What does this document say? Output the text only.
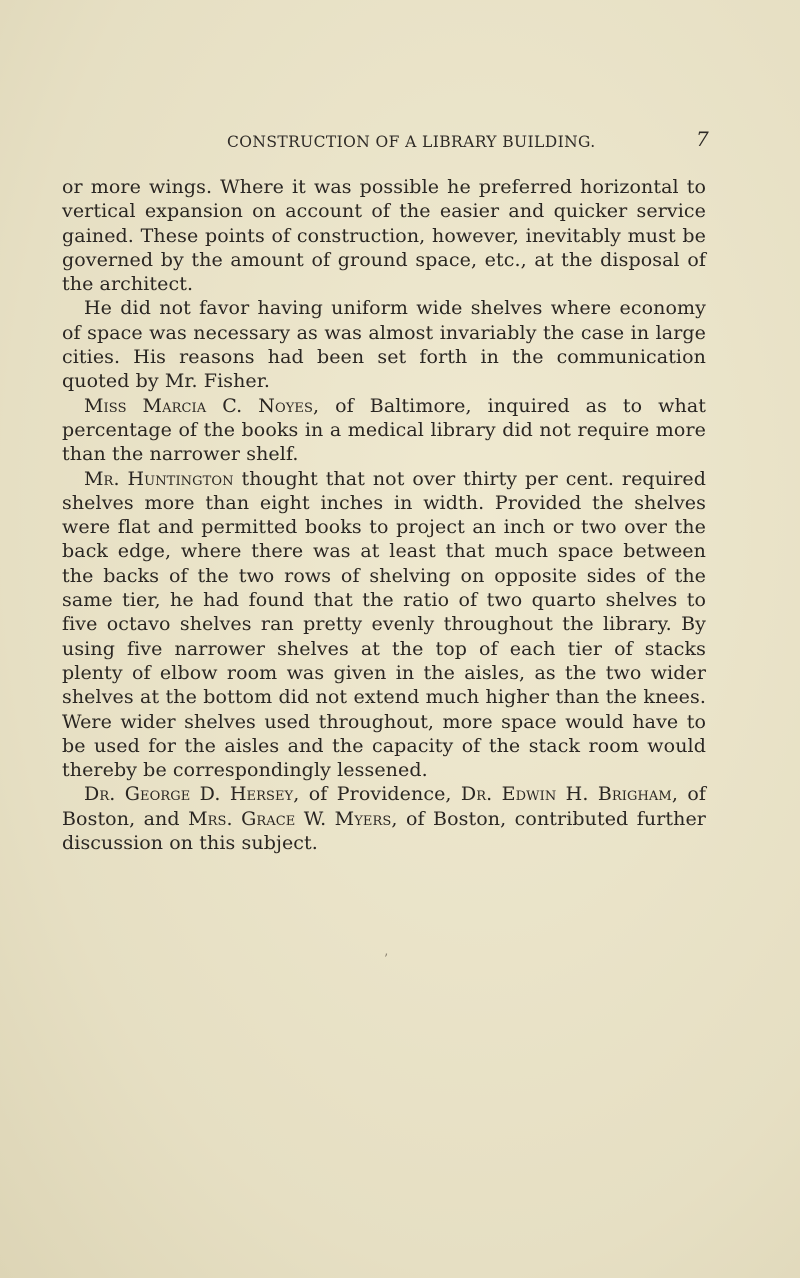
CONSTRUCTION OF A LIBRARY BUILDING.	7

or more wings. Where it was possible he preferred horizontal to vertical expansion on account of the easier and quicker service gained. These points of construction, however, inevitably must be governed by the amount of ground space, etc., at the disposal of the architect.

He did not favor having uniform wide shelves where economy of space was necessary as was almost invariably the case in large cities. His reasons had been set forth in the communication quoted by Mr. Fisher.

Miss Marcia C. Noyes, of Baltimore, inquired as to what percentage of the books in a medical library did not require more than the narrower shelf.

Mr. Huntington thought that not over thirty per cent. required shelves more than eight inches in width. Provided the shelves were flat and permitted books to project an inch or two over the back edge, where there was at least that much space between the backs of the two rows of shelving on opposite sides of the same tier, he had found that the ratio of two quarto shelves to five octavo shelves ran pretty evenly throughout the library. By using five narrower shelves at the top of each tier of stacks plenty of elbow room was given in the aisles, as the two wider shelves at the bottom did not extend much higher than the knees. Were wider shelves used throughout, more space would have to be used for the aisles and the capacity of the stack room would thereby be correspondingly lessened.

Dr. George D. Hersey, of Providence, Dr. Edwin H. Brigham, of Boston, and Mrs. Grace W. Myers, of Boston, contributed further discussion on this subject.

’
